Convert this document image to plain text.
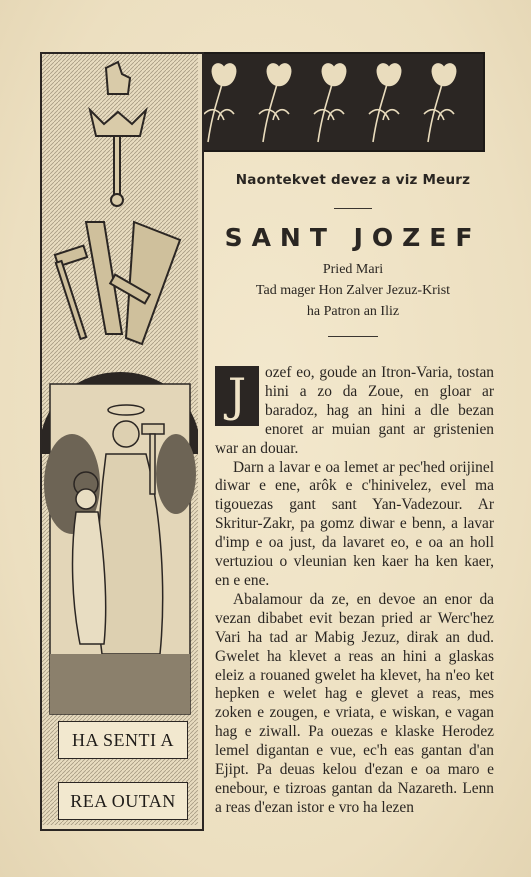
HA SENTI A
REA OUTAN
Naontekvet devez a viz Meurz
SANT JOZEF
Pried Mari
Tad mager Hon Zalver Jezuz-Krist
ha Patron an Iliz

J	ozef eo, goude an Itron-Varia, tostan hini a zo da Zoue, en gloar ar baradoz, hag an hini a dle bezan enoret ar muian gant ar gristenien war an douar.

Darn a lavar e oa lemet ar pec'hed orijinel diwar e ene, arôk e c'hinivelez, evel ma tigouezas gant sant Yan-Vadezour. Ar Skritur-Zakr, pa gomz diwar e benn, a lavar d'imp e oa just, da lavaret eo, e oa an holl vertuziou o vleunian ken kaer ha ken kaer, en e ene.

Abalamour da ze, en devoe an enor da vezan dibabet evit bezan pried ar Werc'hez Vari ha tad ar Mabig Jezuz, dirak an dud. Gwelet ha klevet a reas an hini a glaskas eleiz a rouaned gwelet ha klevet, ha n'eo ket hepken e welet hag e glevet a reas, mes zoken e zougen, e vriata, e wiskan, e vagan hag e ziwall. Pa ouezas e klaske Herodez lemel digantan e vue, ec'h eas gantan d'an Ejipt. Pa deuas kelou d'ezan e oa maro e enebour, e tizroas gantan da Nazareth. Lenn a reas d'ezan istor e vro ha lezen
